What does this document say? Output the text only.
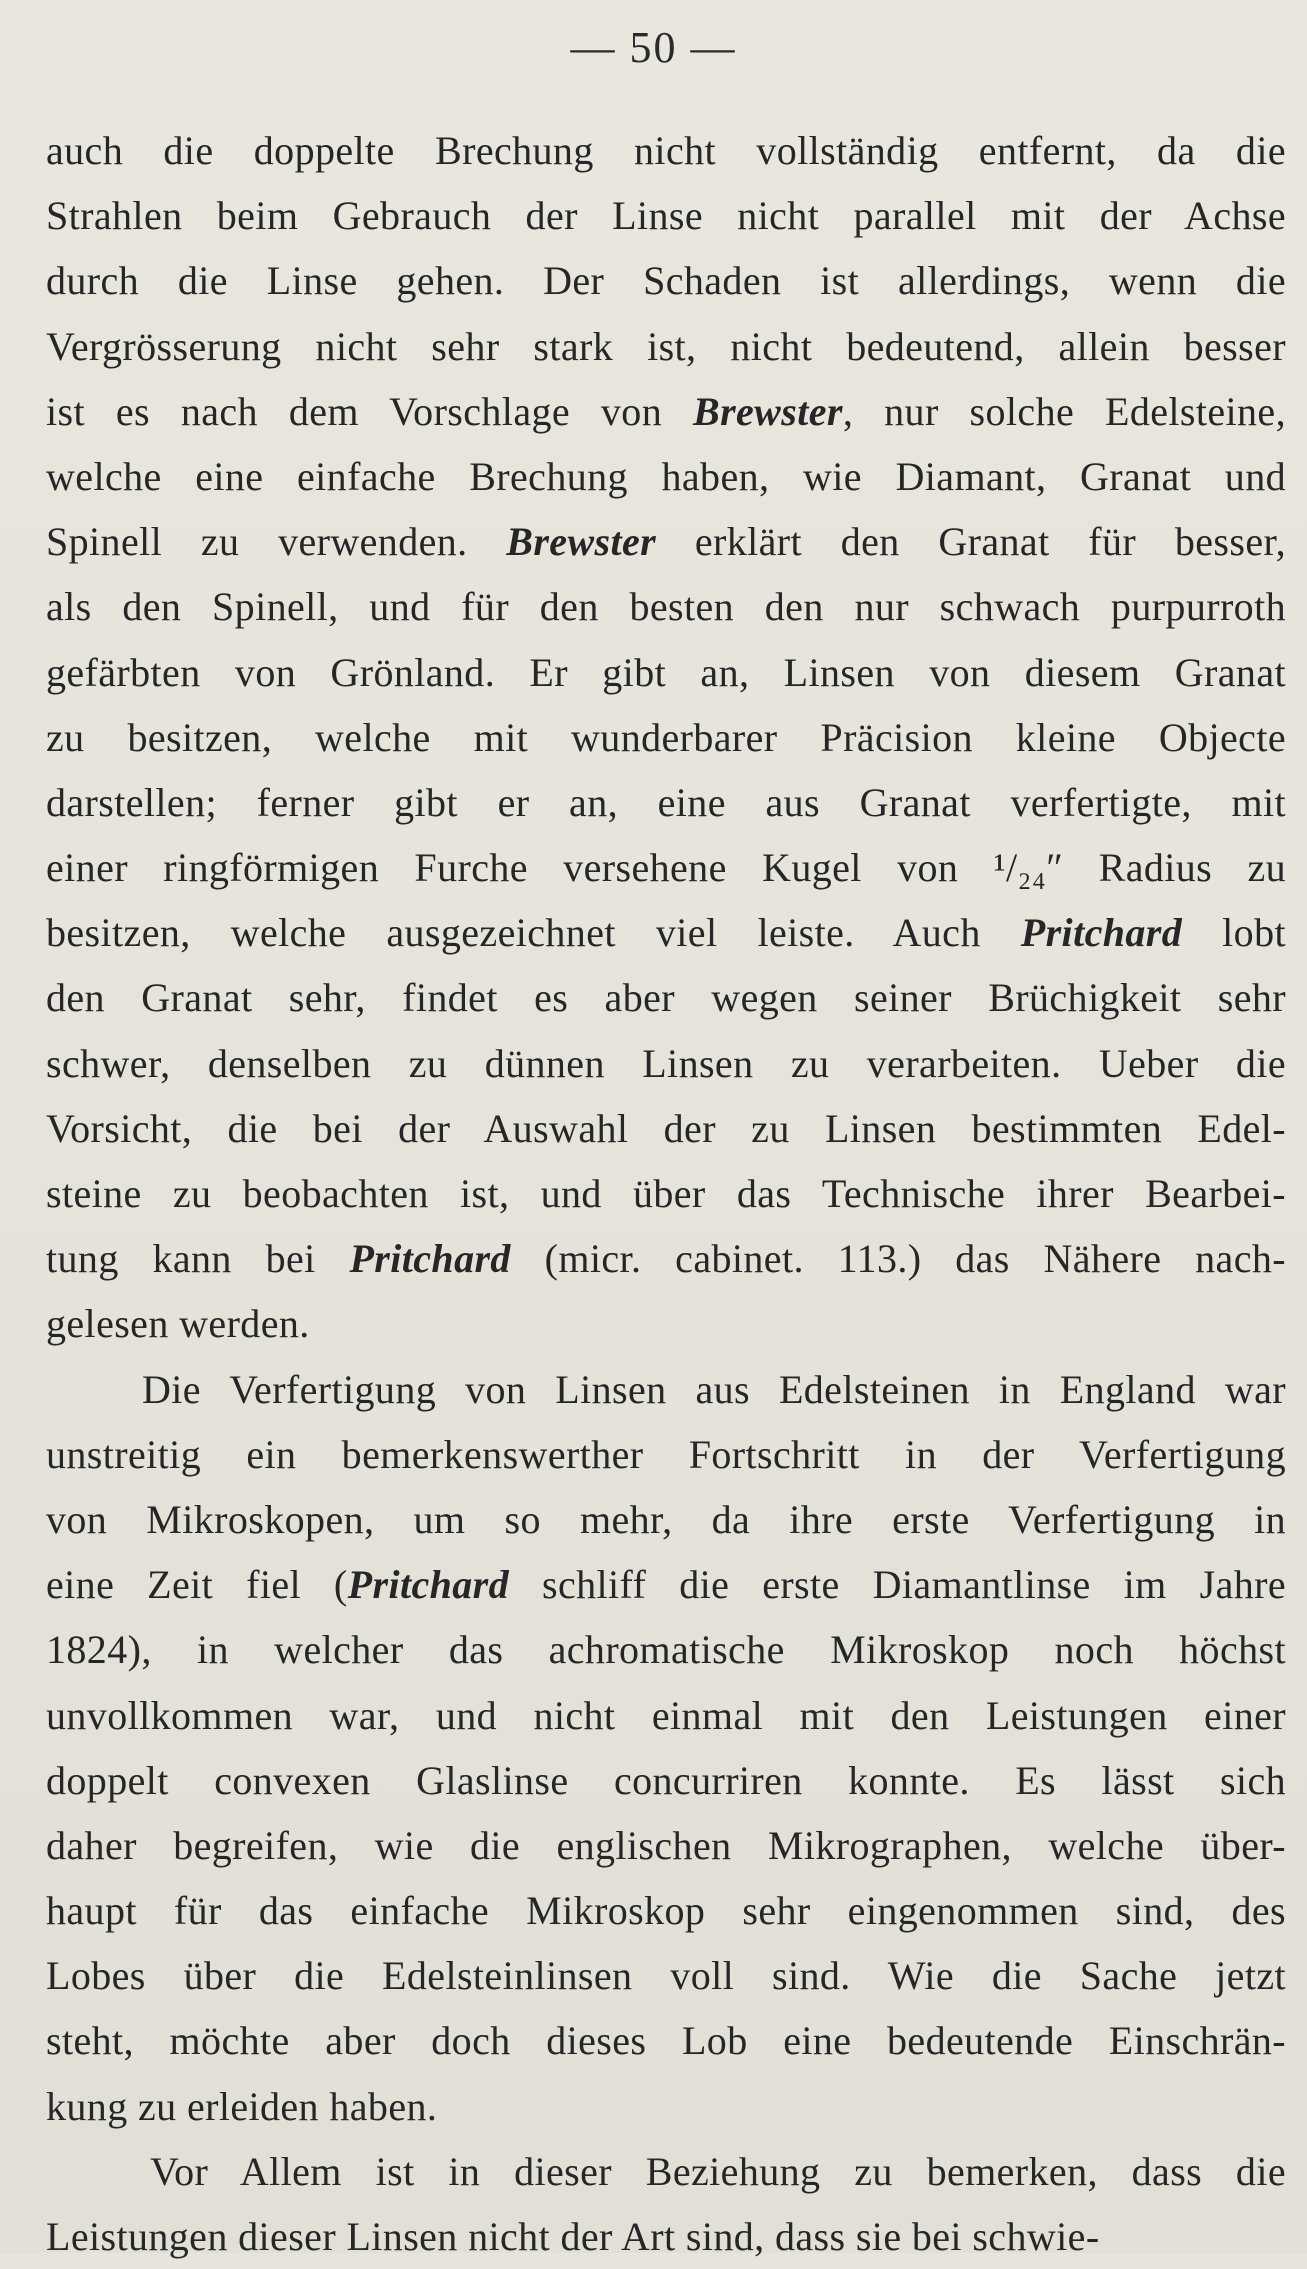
— 50 —
auch die doppelte Brechung nicht vollständig entfernt, da die
Strahlen beim Gebrauch der Linse nicht parallel mit der Achse
durch die Linse gehen. Der Schaden ist allerdings, wenn die
Vergrösserung nicht sehr stark ist, nicht bedeutend, allein besser
ist es nach dem Vorschlage von Brewster, nur solche Edelsteine,
welche eine einfache Brechung haben, wie Diamant, Granat und
Spinell zu verwenden. Brewster erklärt den Granat für besser,
als den Spinell, und für den besten den nur schwach purpurroth
gefärbten von Grönland. Er gibt an, Linsen von diesem Granat
zu besitzen, welche mit wunderbarer Präcision kleine Objecte
darstellen; ferner gibt er an, eine aus Granat verfertigte, mit
einer ringförmigen Furche versehene Kugel von ¹/₂₄″ Radius zu
besitzen, welche ausgezeichnet viel leiste. Auch Pritchard lobt
den Granat sehr, findet es aber wegen seiner Brüchigkeit sehr
schwer, denselben zu dünnen Linsen zu verarbeiten. Ueber die
Vorsicht, die bei der Auswahl der zu Linsen bestimmten Edel-
steine zu beobachten ist, und über das Technische ihrer Bearbei-
tung kann bei Pritchard (micr. cabinet. 113.) das Nähere nach-
gelesen werden.
Die Verfertigung von Linsen aus Edelsteinen in England war
unstreitig ein bemerkenswerther Fortschritt in der Verfertigung
von Mikroskopen, um so mehr, da ihre erste Verfertigung in
eine Zeit fiel (Pritchard schliff die erste Diamantlinse im Jahre
1824), in welcher das achromatische Mikroskop noch höchst
unvollkommen war, und nicht einmal mit den Leistungen einer
doppelt convexen Glaslinse concurriren konnte. Es lässt sich
daher begreifen, wie die englischen Mikrographen, welche über-
haupt für das einfache Mikroskop sehr eingenommen sind, des
Lobes über die Edelsteinlinsen voll sind. Wie die Sache jetzt
steht, möchte aber doch dieses Lob eine bedeutende Einschrän-
kung zu erleiden haben.
Vor Allem ist in dieser Beziehung zu bemerken, dass die
Leistungen dieser Linsen nicht der Art sind, dass sie bei schwie-
